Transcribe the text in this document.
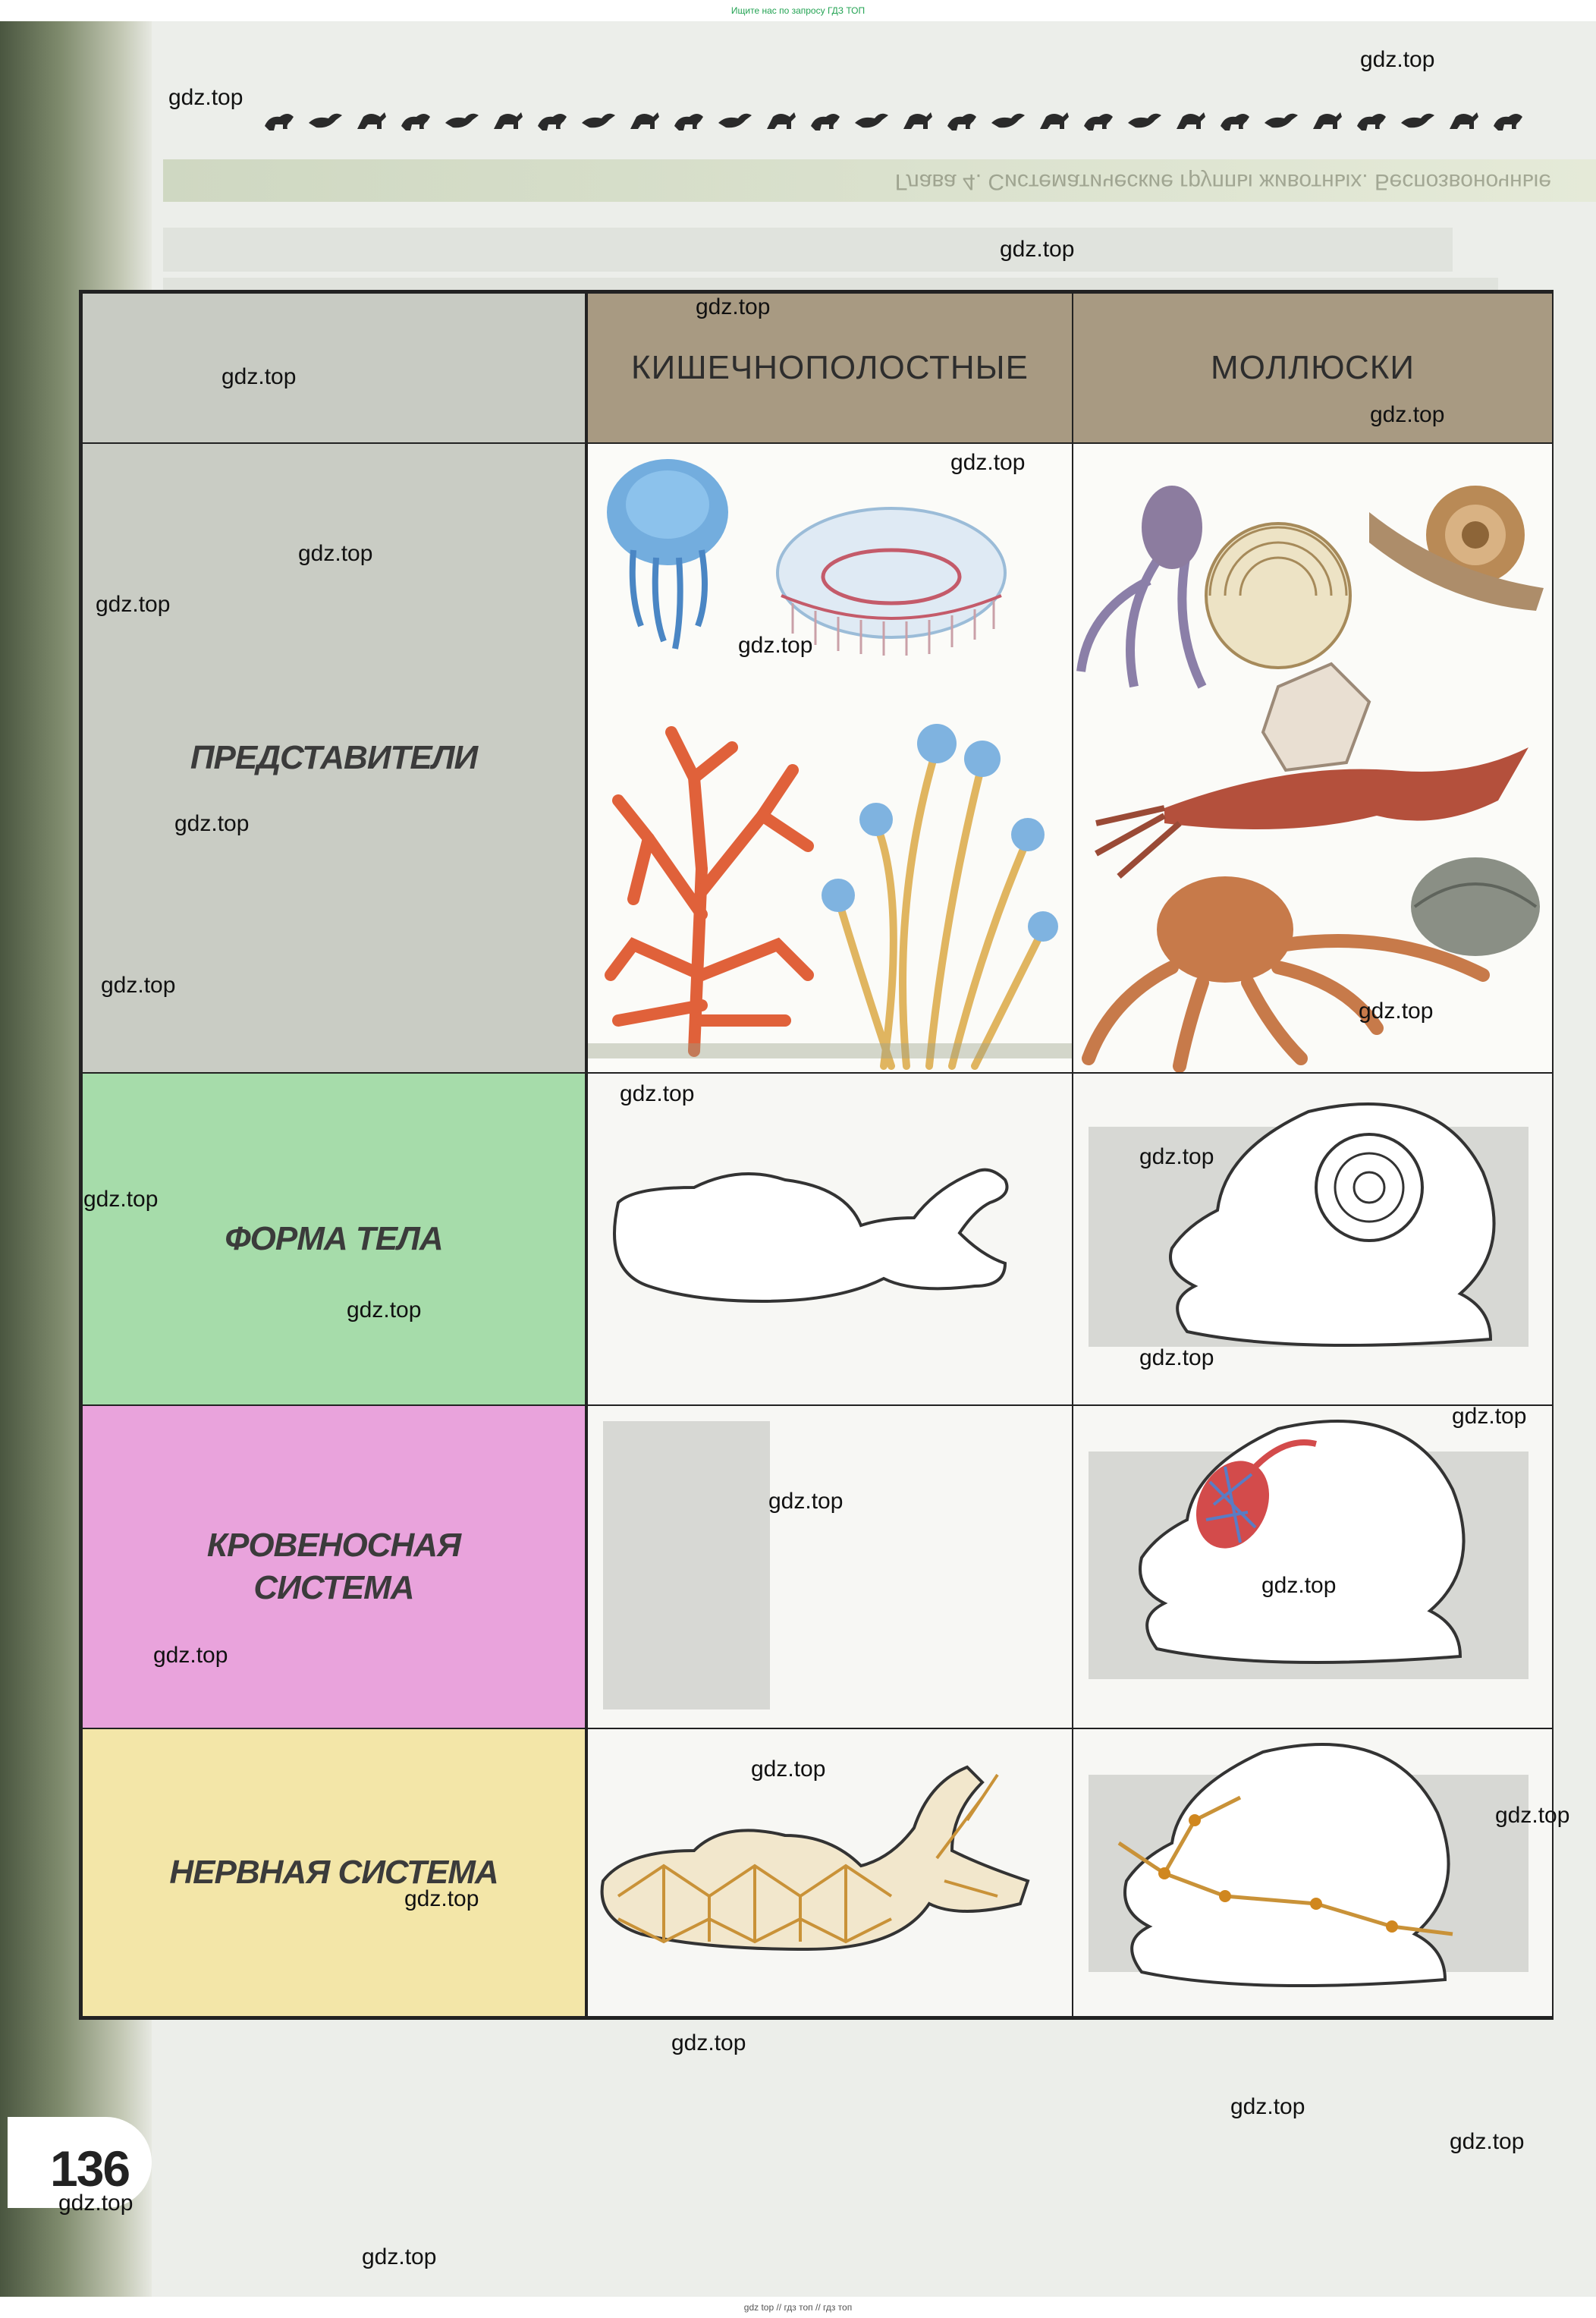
Ищите нас по запросу ГДЗ ТОП
Глава 4. Систематические группы животных. Беспозвоночные
КИШЕЧНОПОЛОСТНЫЕ	МОЛЛЮСКИ
ПРЕДСТАВИТЕЛИ
ФОРМА ТЕЛА
КРОВЕНОСНАЯ
СИСТЕМА
НЕРВНАЯ СИСТЕМА
136
gdz.top
gdz.top
gdz.top
gdz.top
gdz.top
gdz.top
gdz.top
gdz.top
gdz.top
gdz.top
gdz.top
gdz.top
gdz.top
gdz.top
gdz.top
gdz.top
gdz.top
gdz.top
gdz.top
gdz.top
gdz.top
gdz.top
gdz.top
gdz.top
gdz.top
gdz.top
gdz.top
gdz.top
gdz.top
gdz.top
gdz top // гдз топ // гдз топ
